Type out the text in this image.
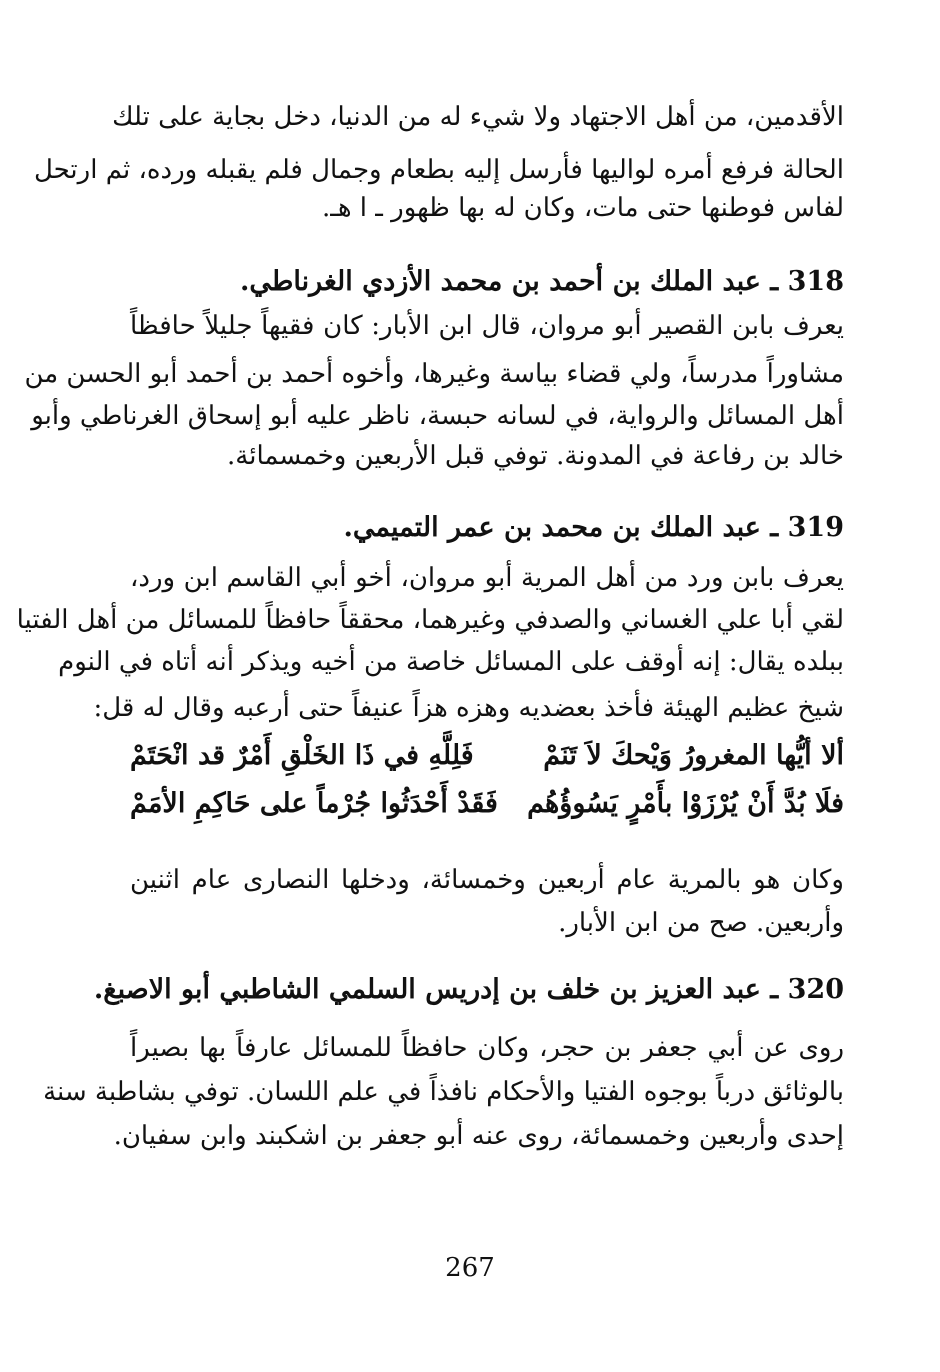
الأقدمين، من أهل الاجتهاد ولا شيء له من الدنيا، دخل بجاية على تلك
الحالة فرفع أمره لواليها فأرسل إليه بطعام وجمال فلم يقبله ورده، ثم ارتحل
لفاس فوطنها حتى مات، وكان له بها ظهور ـ ا هـ.
318 ـ عبد الملك بن أحمد بن محمد الأزدي الغرناطي.
يعرف بابن القصير أبو مروان، قال ابن الأبار: كان فقيهاً جليلاً حافظاً
مشاوراً مدرساً، ولي قضاء بياسة وغيرها، وأخوه أحمد بن أحمد أبو الحسن من
أهل المسائل والرواية، في لسانه حبسة، ناظر عليه أبو إسحاق الغرناطي وأبو
خالد بن رفاعة في المدونة. توفي قبل الأربعين وخمسمائة.
319 ـ عبد الملك بن محمد بن عمر التميمي.
يعرف بابن ورد من أهل المرية أبو مروان، أخو أبي القاسم ابن ورد،
لقي أبا علي الغساني والصدفي وغيرهما، محققاً حافظاً للمسائل من أهل الفتيا
ببلده يقال: إنه أوقف على المسائل خاصة من أخيه ويذكر أنه أتاه في النوم
شيخ عظيم الهيئة فأخذ بعضديه وهزه هزاً عنيفاً حتى أرعبه وقال له قل:
ألا أيُّها المغرورُ وَيْحكَ لاَ تَنَمْ
فَلِلَّهِ في ذَا الخَلْقِ أَمْرٌ قد انْحَتَمْ
فلَا بُدَّ أَنْ يُرْزَوْا بأَمْرٍ يَسُوؤُهُم
فَقَدْ أَحْدَثُوا جُرْماً على حَاكِمِ الأمَمْ
وكان هو بالمرية عام أربعين وخمسائة، ودخلها النصارى عام اثنين
وأربعين. صح من ابن الأبار.
320 ـ عبد العزيز بن خلف بن إدريس السلمي الشاطبي أبو الاصبغ.
روى عن أبي جعفر بن حجر، وكان حافظاً للمسائل عارفاً بها بصيراً
بالوثائق درباً بوجوه الفتيا والأحكام نافذاً في علم اللسان. توفي بشاطبة سنة
إحدى وأربعين وخمسمائة، روى عنه أبو جعفر بن اشكبند وابن سفيان.
267
